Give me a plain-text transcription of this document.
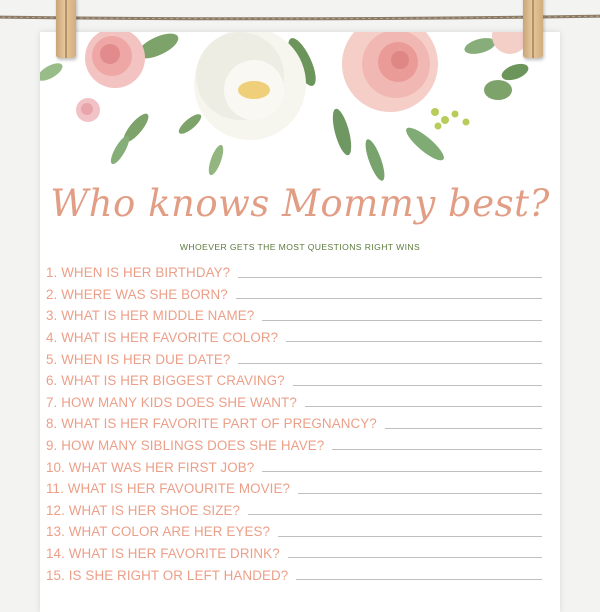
Who knows Mommy best?
WHOEVER GETS THE MOST QUESTIONS RIGHT WINS
1. WHEN IS HER BIRTHDAY?
2. WHERE WAS SHE BORN?
3. WHAT IS HER MIDDLE NAME?
4. WHAT IS HER FAVORITE COLOR?
5. WHEN IS HER DUE DATE?
6. WHAT IS HER BIGGEST CRAVING?
7. HOW MANY KIDS DOES SHE WANT?
8. WHAT IS HER FAVORITE PART OF PREGNANCY?
9. HOW MANY SIBLINGS DOES SHE HAVE?
10. WHAT WAS HER FIRST JOB?
11. WHAT IS HER FAVOURITE MOVIE?
12. WHAT IS HER SHOE SIZE?
13. WHAT COLOR ARE HER EYES?
14. WHAT IS HER FAVORITE DRINK?
15. IS SHE RIGHT OR LEFT HANDED?
